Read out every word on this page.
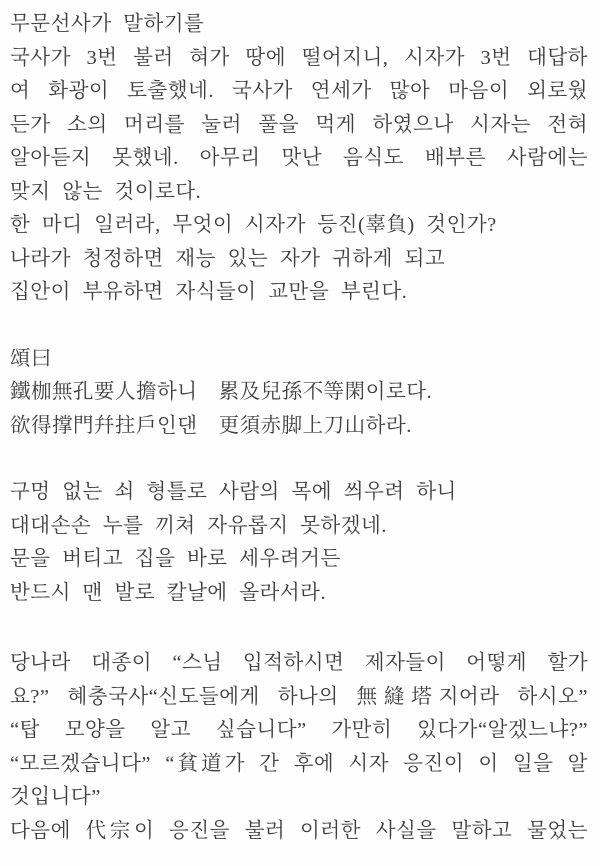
무문선사가 말하기를
국사가 3번 불러 혀가 땅에 떨어지니, 시자가 3번 대답하
여 화광이 토출했네. 국사가 연세가 많아 마음이 외로웠
든가 소의 머리를 눌러 풀을 먹게 하였으나 시자는 전혀
알아듣지 못했네. 아무리 맛난 음식도 배부른 사람에는
맞지 않는 것이로다.
한 마디 일러라, 무엇이 시자가 등진(辜負) 것인가?
나라가 청정하면 재능 있는 자가 귀하게 되고
집안이 부유하면 자식들이 교만을 부린다.
頌曰
鐵枷無孔要人擔하니　累及兒孫不等閑이로다.
欲得撑門幷拄戶인댄　更須赤脚上刀山하라.
구멍 없는 쇠 형틀로 사람의 목에 씌우려 하니
대대손손 누를 끼쳐 자유롭지 못하겠네.
문을 버티고 집을 바로 세우려거든
반드시 맨 발로 칼날에 올라서라.
당나라 대종이 “스님 입적하시면 제자들이 어떻게 할가
요?” 혜충국사“신도들에게 하나의 無縫塔지어라 하시오”
“탑 모양을 알고 싶습니다” 가만히 있다가“알겠느냐?”
“모르겠습니다” “貧道가 간 후에 시자 응진이 이 일을 알
것입니다”
다음에 代宗이 응진을 불러 이러한 사실을 말하고 물었는
